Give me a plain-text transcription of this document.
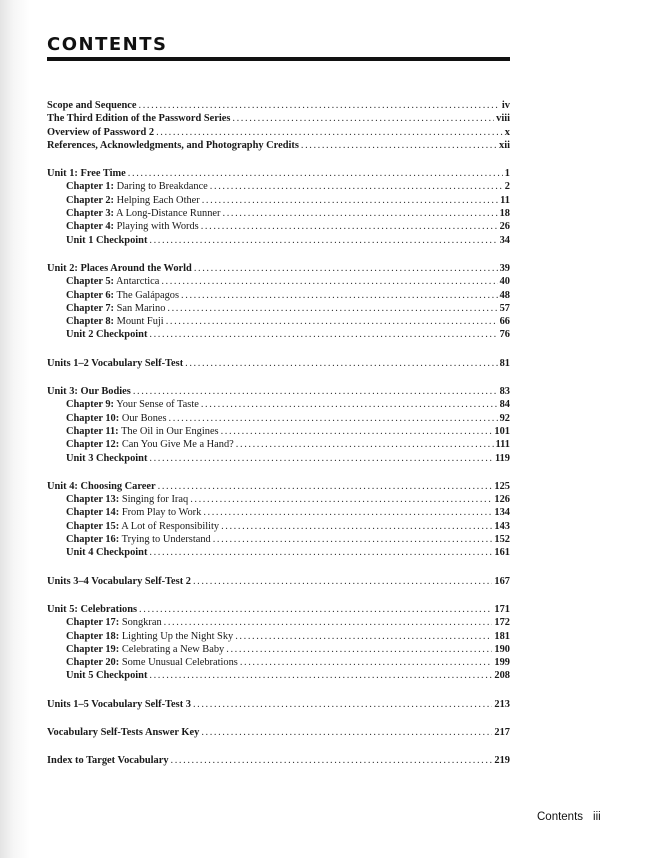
CONTENTS
Scope and Sequence .....	iv
The Third Edition of the Password Series .....	viii
Overview of Password 2 .....	x
References, Acknowledgments, and Photography Credits .....	xii
Unit 1: Free Time .....	1
Chapter 1: Daring to Breakdance .....	2
Chapter 2: Helping Each Other .....	11
Chapter 3: A Long-Distance Runner .....	18
Chapter 4: Playing with Words .....	26
Unit 1 Checkpoint .....	34
Unit 2: Places Around the World .....	39
Chapter 5: Antarctica .....	40
Chapter 6: The Galápagos .....	48
Chapter 7: San Marino .....	57
Chapter 8: Mount Fuji .....	66
Unit 2 Checkpoint .....	76
Units 1–2 Vocabulary Self-Test .....	81
Unit 3: Our Bodies .....	83
Chapter 9: Your Sense of Taste .....	84
Chapter 10: Our Bones .....	92
Chapter 11: The Oil in Our Engines .....	101
Chapter 12: Can You Give Me a Hand? .....	111
Unit 3 Checkpoint .....	119
Unit 4: Choosing Career .....	125
Chapter 13: Singing for Iraq .....	126
Chapter 14: From Play to Work .....	134
Chapter 15: A Lot of Responsibility .....	143
Chapter 16: Trying to Understand .....	152
Unit 4 Checkpoint .....	161
Units 3–4 Vocabulary Self-Test 2 .....	167
Unit 5: Celebrations .....	171
Chapter 17: Songkran .....	172
Chapter 18: Lighting Up the Night Sky .....	181
Chapter 19: Celebrating a New Baby .....	190
Chapter 20: Some Unusual Celebrations .....	199
Unit 5 Checkpoint .....	208
Units 1–5 Vocabulary Self-Test 3 .....	213
Vocabulary Self-Tests Answer Key .....	217
Index to Target Vocabulary .....	219
Contents iii
